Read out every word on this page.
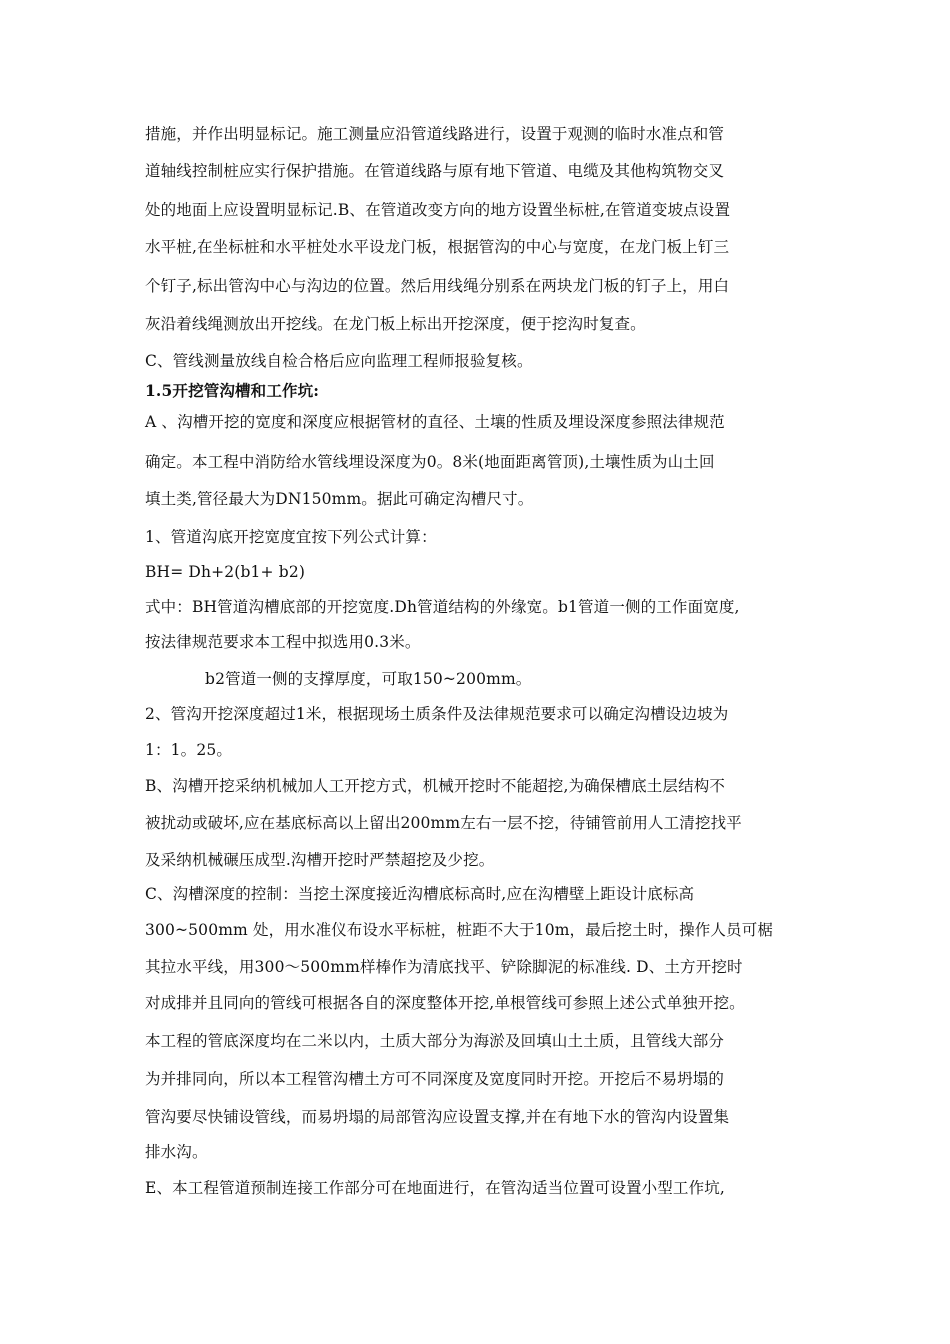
措施，并作出明显标记。施工测量应沿管道线路进行，设置于观测的临时水准点和管
道轴线控制桩应实行保护措施。在管道线路与原有地下管道、电缆及其他构筑物交叉
处的地面上应设置明显标记.B、在管道改变方向的地方设置坐标桩,在管道变坡点设置
水平桩,在坐标桩和水平桩处水平设龙门板，根据管沟的中心与宽度，在龙门板上钉三
个钉子,标出管沟中心与沟边的位置。然后用线绳分别系在两块龙门板的钉子上，用白
灰沿着线绳测放出开挖线。在龙门板上标出开挖深度，便于挖沟时复查。
C、管线测量放线自检合格后应向监理工程师报验复核。
1.5开挖管沟槽和工作坑:
A 、沟槽开挖的宽度和深度应根据管材的直径、土壤的性质及埋设深度参照法律规范
确定。本工程中消防给水管线埋设深度为0。8米(地面距离管顶),土壤性质为山土回
填土类,管径最大为DN150mm。据此可确定沟槽尺寸。
1、管道沟底开挖宽度宜按下列公式计算：
BH= Dh+2(b1+ b2)
式中：BH管道沟槽底部的开挖宽度.Dh管道结构的外缘宽。b1管道一侧的工作面宽度,
按法律规范要求本工程中拟选用0.3米。
b2管道一侧的支撑厚度，可取150~200mm。
2、管沟开挖深度超过1米，根据现场土质条件及法律规范要求可以确定沟槽设边坡为
1：1。25。
B、沟槽开挖采纳机械加人工开挖方式，机械开挖时不能超挖,为确保槽底土层结构不
被扰动或破坏,应在基底标高以上留出200mm左右一层不挖，待铺管前用人工清挖找平
及采纳机械碾压成型.沟槽开挖时严禁超挖及少挖。
C、沟槽深度的控制：当挖土深度接近沟槽底标高时,应在沟槽壁上距设计底标高
300~500mm 处，用水准仪布设水平标桩，桩距不大于10m，最后挖土时，操作人员可椐
其拉水平线，用300～500mm样棒作为清底找平、铲除脚泥的标准线. D、土方开挖时
对成排并且同向的管线可根据各自的深度整体开挖,单根管线可参照上述公式单独开挖。
本工程的管底深度均在二米以内，土质大部分为海淤及回填山土土质，且管线大部分
为并排同向，所以本工程管沟槽土方可不同深度及宽度同时开挖。开挖后不易坍塌的
管沟要尽快铺设管线，而易坍塌的局部管沟应设置支撑,并在有地下水的管沟内设置集
排水沟。
E、本工程管道预制连接工作部分可在地面进行，在管沟适当位置可设置小型工作坑,
